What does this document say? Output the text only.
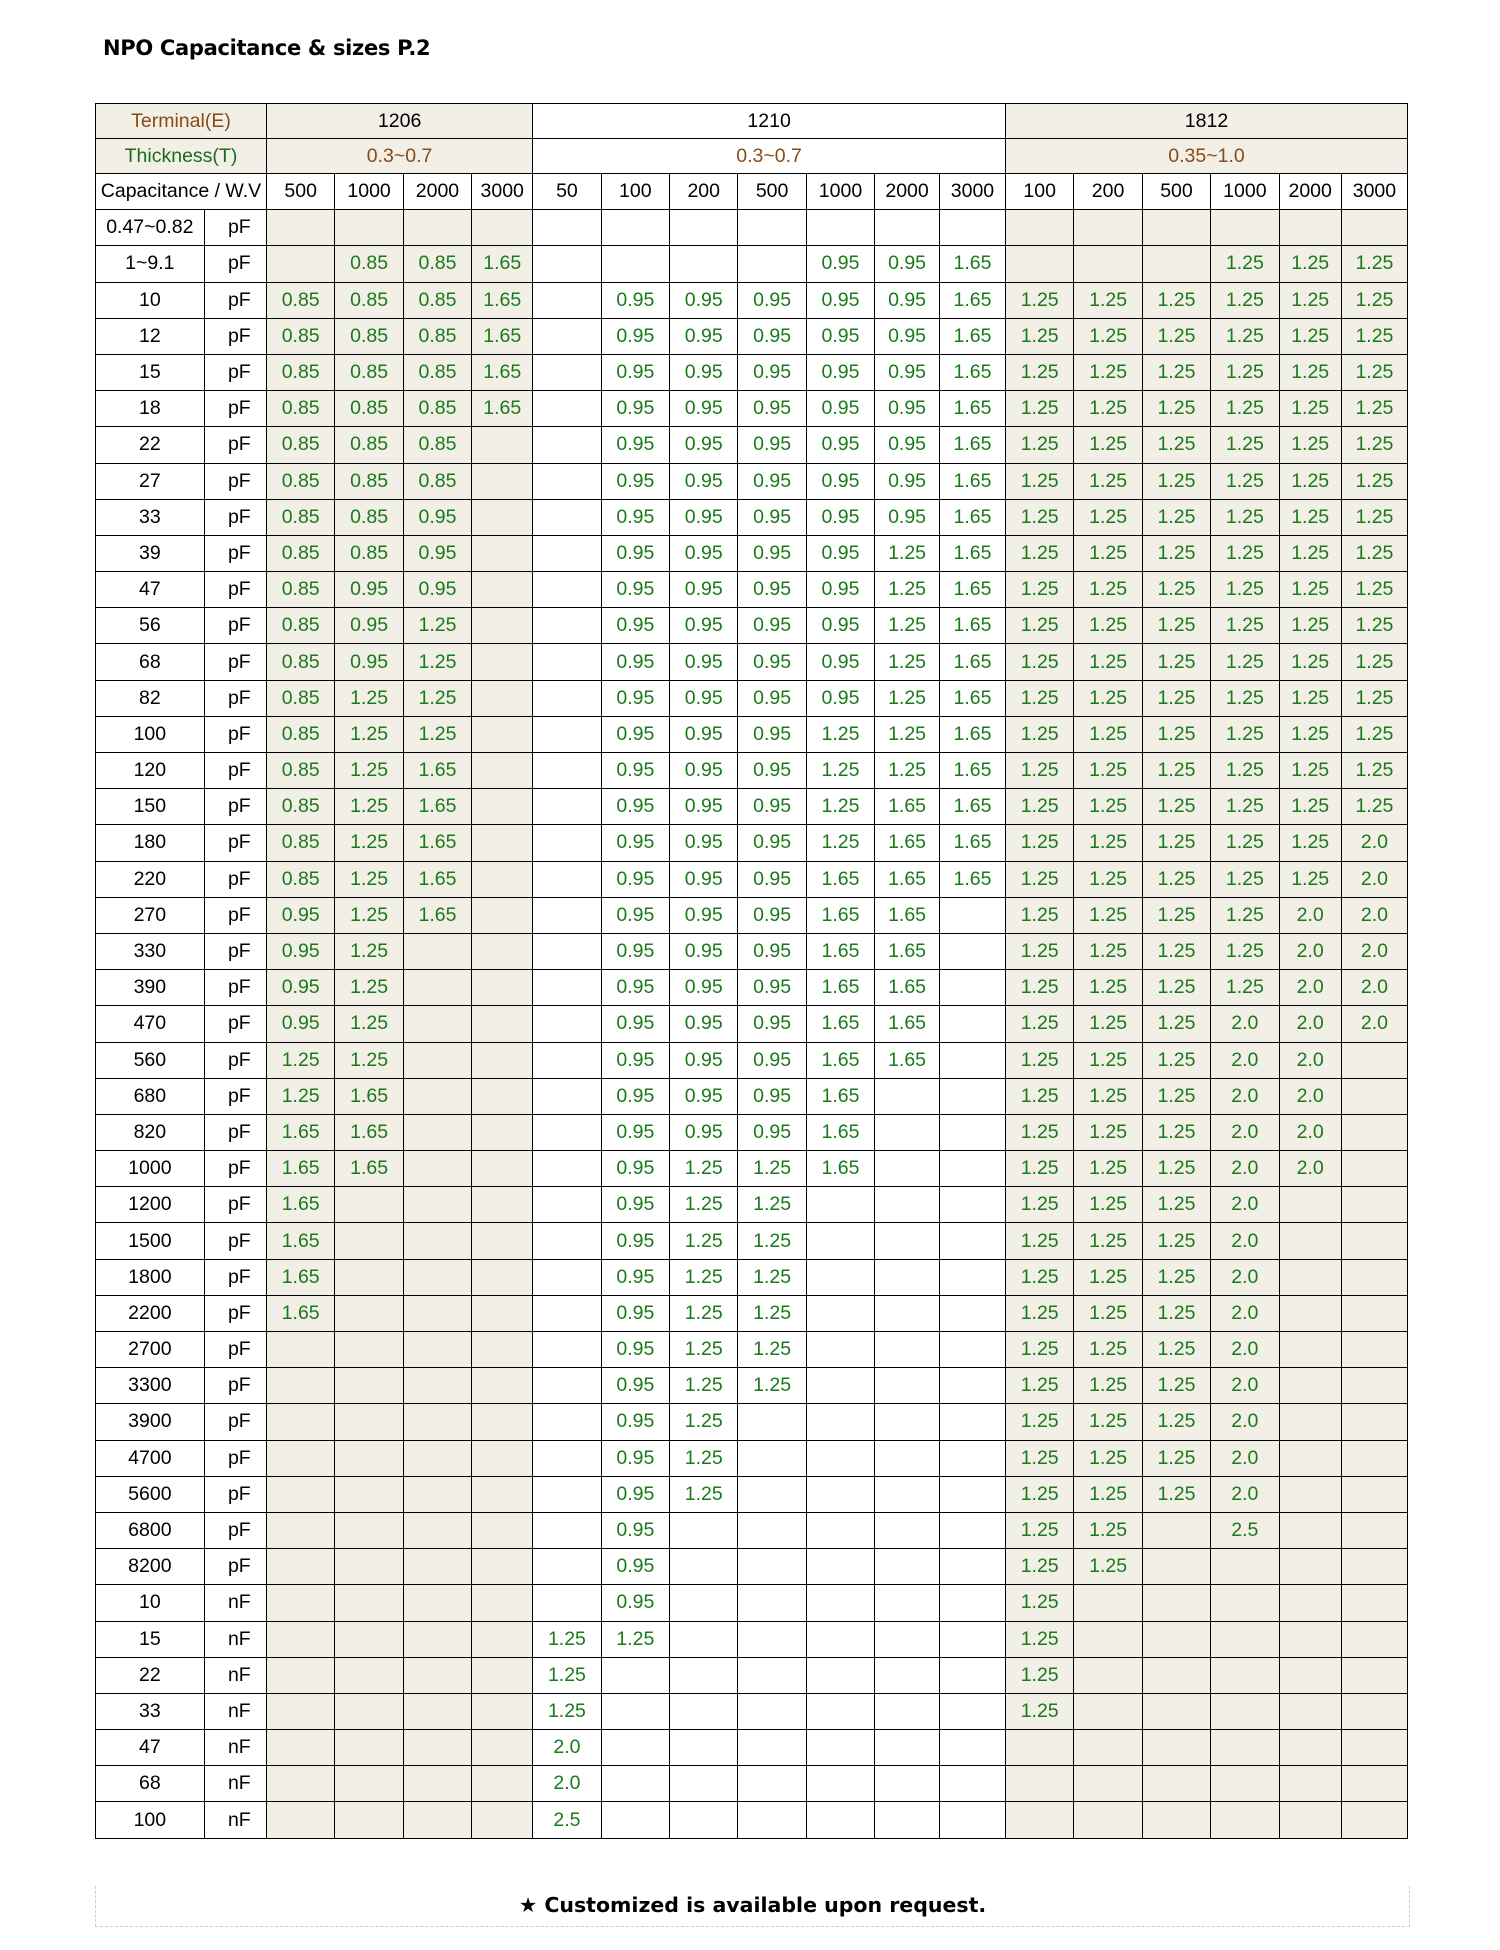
NPO Capacitance & sizes P.2
Terminal(E)		1206				1210							1812					
Thickness(T)		0.3~0.7				0.3~0.7							0.35~1.0					
Capacitance / W.V		500	1000	2000	3000	50	100	200	500	1000	2000	3000	100	200	500	1000	2000	3000
0.47~0.82	pF																	
1~9.1	pF		0.85	0.85	1.65					0.95	0.95	1.65				1.25	1.25	1.25
10	pF	0.85	0.85	0.85	1.65		0.95	0.95	0.95	0.95	0.95	1.65	1.25	1.25	1.25	1.25	1.25	1.25
12	pF	0.85	0.85	0.85	1.65		0.95	0.95	0.95	0.95	0.95	1.65	1.25	1.25	1.25	1.25	1.25	1.25
15	pF	0.85	0.85	0.85	1.65		0.95	0.95	0.95	0.95	0.95	1.65	1.25	1.25	1.25	1.25	1.25	1.25
18	pF	0.85	0.85	0.85	1.65		0.95	0.95	0.95	0.95	0.95	1.65	1.25	1.25	1.25	1.25	1.25	1.25
22	pF	0.85	0.85	0.85			0.95	0.95	0.95	0.95	0.95	1.65	1.25	1.25	1.25	1.25	1.25	1.25
27	pF	0.85	0.85	0.85			0.95	0.95	0.95	0.95	0.95	1.65	1.25	1.25	1.25	1.25	1.25	1.25
33	pF	0.85	0.85	0.95			0.95	0.95	0.95	0.95	0.95	1.65	1.25	1.25	1.25	1.25	1.25	1.25
39	pF	0.85	0.85	0.95			0.95	0.95	0.95	0.95	1.25	1.65	1.25	1.25	1.25	1.25	1.25	1.25
47	pF	0.85	0.95	0.95			0.95	0.95	0.95	0.95	1.25	1.65	1.25	1.25	1.25	1.25	1.25	1.25
56	pF	0.85	0.95	1.25			0.95	0.95	0.95	0.95	1.25	1.65	1.25	1.25	1.25	1.25	1.25	1.25
68	pF	0.85	0.95	1.25			0.95	0.95	0.95	0.95	1.25	1.65	1.25	1.25	1.25	1.25	1.25	1.25
82	pF	0.85	1.25	1.25			0.95	0.95	0.95	0.95	1.25	1.65	1.25	1.25	1.25	1.25	1.25	1.25
100	pF	0.85	1.25	1.25			0.95	0.95	0.95	1.25	1.25	1.65	1.25	1.25	1.25	1.25	1.25	1.25
120	pF	0.85	1.25	1.65			0.95	0.95	0.95	1.25	1.25	1.65	1.25	1.25	1.25	1.25	1.25	1.25
150	pF	0.85	1.25	1.65			0.95	0.95	0.95	1.25	1.65	1.65	1.25	1.25	1.25	1.25	1.25	1.25
180	pF	0.85	1.25	1.65			0.95	0.95	0.95	1.25	1.65	1.65	1.25	1.25	1.25	1.25	1.25	2.0
220	pF	0.85	1.25	1.65			0.95	0.95	0.95	1.65	1.65	1.65	1.25	1.25	1.25	1.25	1.25	2.0
270	pF	0.95	1.25	1.65			0.95	0.95	0.95	1.65	1.65		1.25	1.25	1.25	1.25	2.0	2.0
330	pF	0.95	1.25				0.95	0.95	0.95	1.65	1.65		1.25	1.25	1.25	1.25	2.0	2.0
390	pF	0.95	1.25				0.95	0.95	0.95	1.65	1.65		1.25	1.25	1.25	1.25	2.0	2.0
470	pF	0.95	1.25				0.95	0.95	0.95	1.65	1.65		1.25	1.25	1.25	2.0	2.0	2.0
560	pF	1.25	1.25				0.95	0.95	0.95	1.65	1.65		1.25	1.25	1.25	2.0	2.0	
680	pF	1.25	1.65				0.95	0.95	0.95	1.65			1.25	1.25	1.25	2.0	2.0	
820	pF	1.65	1.65				0.95	0.95	0.95	1.65			1.25	1.25	1.25	2.0	2.0	
1000	pF	1.65	1.65				0.95	1.25	1.25	1.65			1.25	1.25	1.25	2.0	2.0	
1200	pF	1.65					0.95	1.25	1.25				1.25	1.25	1.25	2.0		
1500	pF	1.65					0.95	1.25	1.25				1.25	1.25	1.25	2.0		
1800	pF	1.65					0.95	1.25	1.25				1.25	1.25	1.25	2.0		
2200	pF	1.65					0.95	1.25	1.25				1.25	1.25	1.25	2.0		
2700	pF						0.95	1.25	1.25				1.25	1.25	1.25	2.0		
3300	pF						0.95	1.25	1.25				1.25	1.25	1.25	2.0		
3900	pF						0.95	1.25					1.25	1.25	1.25	2.0		
4700	pF						0.95	1.25					1.25	1.25	1.25	2.0		
5600	pF						0.95	1.25					1.25	1.25	1.25	2.0		
6800	pF						0.95						1.25	1.25		2.5		
8200	pF						0.95						1.25	1.25				
10	nF						0.95						1.25					
15	nF					1.25	1.25						1.25					
22	nF					1.25							1.25					
33	nF					1.25							1.25					
47	nF					2.0												
68	nF					2.0												
100	nF					2.5												
★ Customized is available upon request.
